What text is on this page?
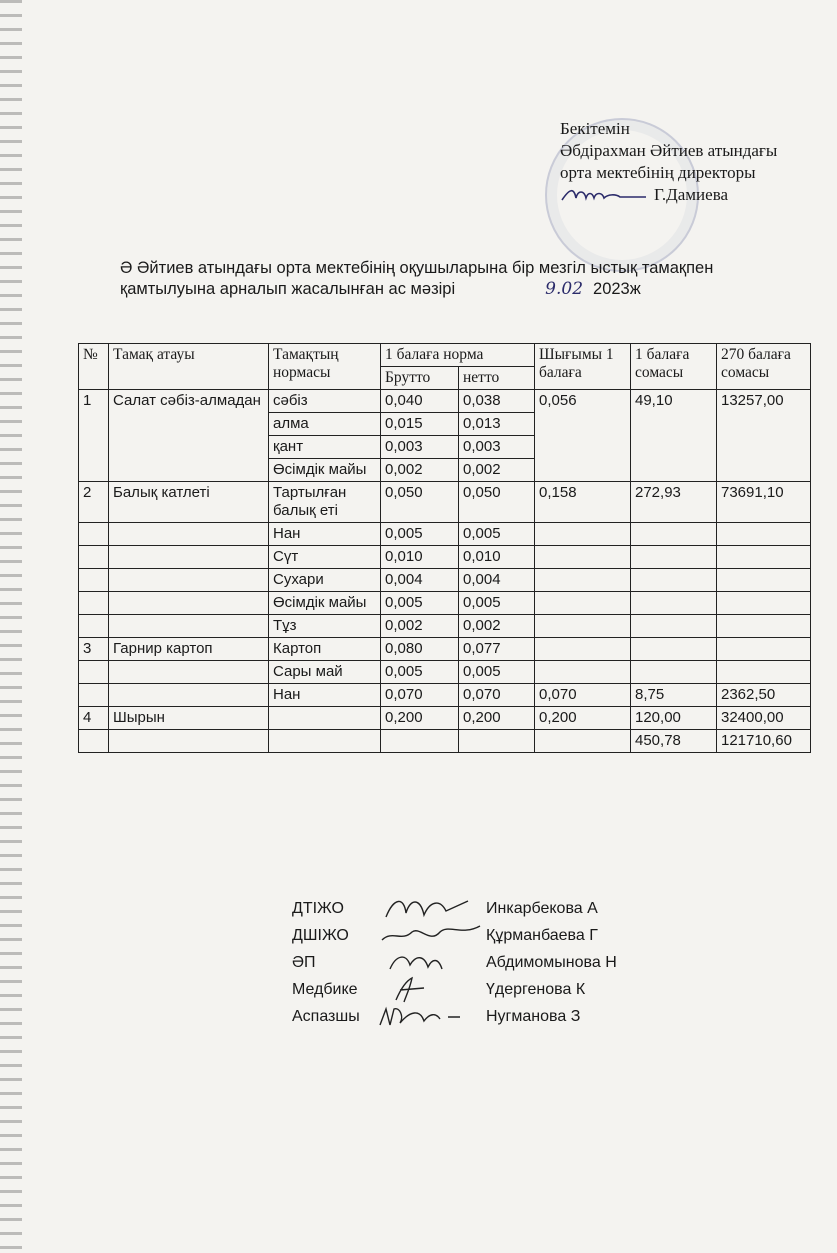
Бекітемін
Әбдірахман Әйтиев атындағы
орта мектебінің директоры
Г.Дамиева
Ә Әйтиев атындағы орта мектебінің оқушыларына бір мезгіл ыстық тамақпен
қамтылуына арналып жасалынған ас мәзірі	9.02 2023ж
№	Тамақ атауы	Тамақтың нормасы	1 балаға норма		Шығымы 1 балаға	1 балаға сомасы	270 балаға сомасы
			Брутто	нетто			
1	Салат сәбіз-алмадан	сәбіз	0,040	0,038	0,056	49,10	13257,00
		алма	0,015	0,013			
		қант	0,003	0,003			
		Өсімдік майы	0,002	0,002			
2	Балық катлеті	Тартылған балық еті	0,050	0,050	0,158	272,93	73691,10
		Нан	0,005	0,005			
		Сүт	0,010	0,010			
		Сухари	0,004	0,004			
		Өсімдік майы	0,005	0,005			
		Тұз	0,002	0,002			
3	Гарнир картоп	Картоп	0,080	0,077			
		Сары май	0,005	0,005			
		Нан	0,070	0,070	0,070	8,75	2362,50
4	Шырын		0,200	0,200	0,200	120,00	32400,00
						450,78	121710,60
ДТІЖО	Инкарбекова А
ДШІЖО	Құрманбаева Г
ӘП	Абдимомынова Н
Медбике	Үдергенова К
Аспазшы	Нугманова З
